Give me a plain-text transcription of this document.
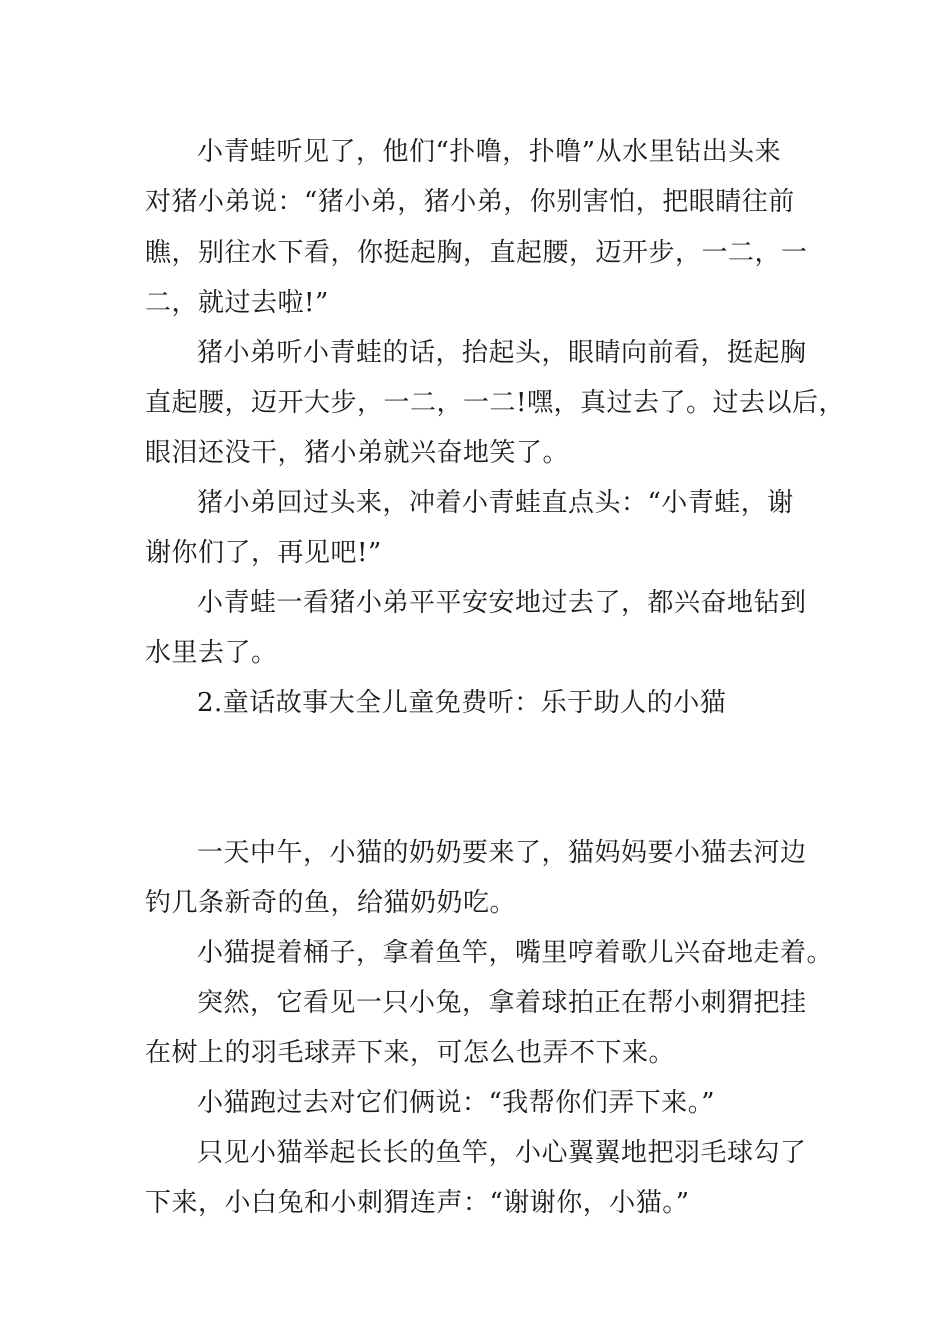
小青蛙听见了，他们“扑噜，扑噜”从水里钻出头来
对猪小弟说：“猪小弟，猪小弟，你别害怕，把眼睛往前
瞧，别往水下看，你挺起胸，直起腰，迈开步，一二，一
二，就过去啦!”
猪小弟听小青蛙的话，抬起头，眼睛向前看，挺起胸
直起腰，迈开大步，一二，一二!嘿，真过去了。过去以后，
眼泪还没干，猪小弟就兴奋地笑了。
猪小弟回过头来，冲着小青蛙直点头：“小青蛙，谢
谢你们了，再见吧!”
小青蛙一看猪小弟平平安安地过去了，都兴奋地钻到
水里去了。
2.童话故事大全儿童免费听：乐于助人的小猫
一天中午，小猫的奶奶要来了，猫妈妈要小猫去河边
钓几条新奇的鱼，给猫奶奶吃。
小猫提着桶子，拿着鱼竿，嘴里哼着歌儿兴奋地走着。
突然，它看见一只小兔，拿着球拍正在帮小刺猬把挂
在树上的羽毛球弄下来，可怎么也弄不下来。
小猫跑过去对它们俩说：“我帮你们弄下来。”
只见小猫举起长长的鱼竿，小心翼翼地把羽毛球勾了
下来，小白兔和小刺猬连声：“谢谢你，小猫。”
